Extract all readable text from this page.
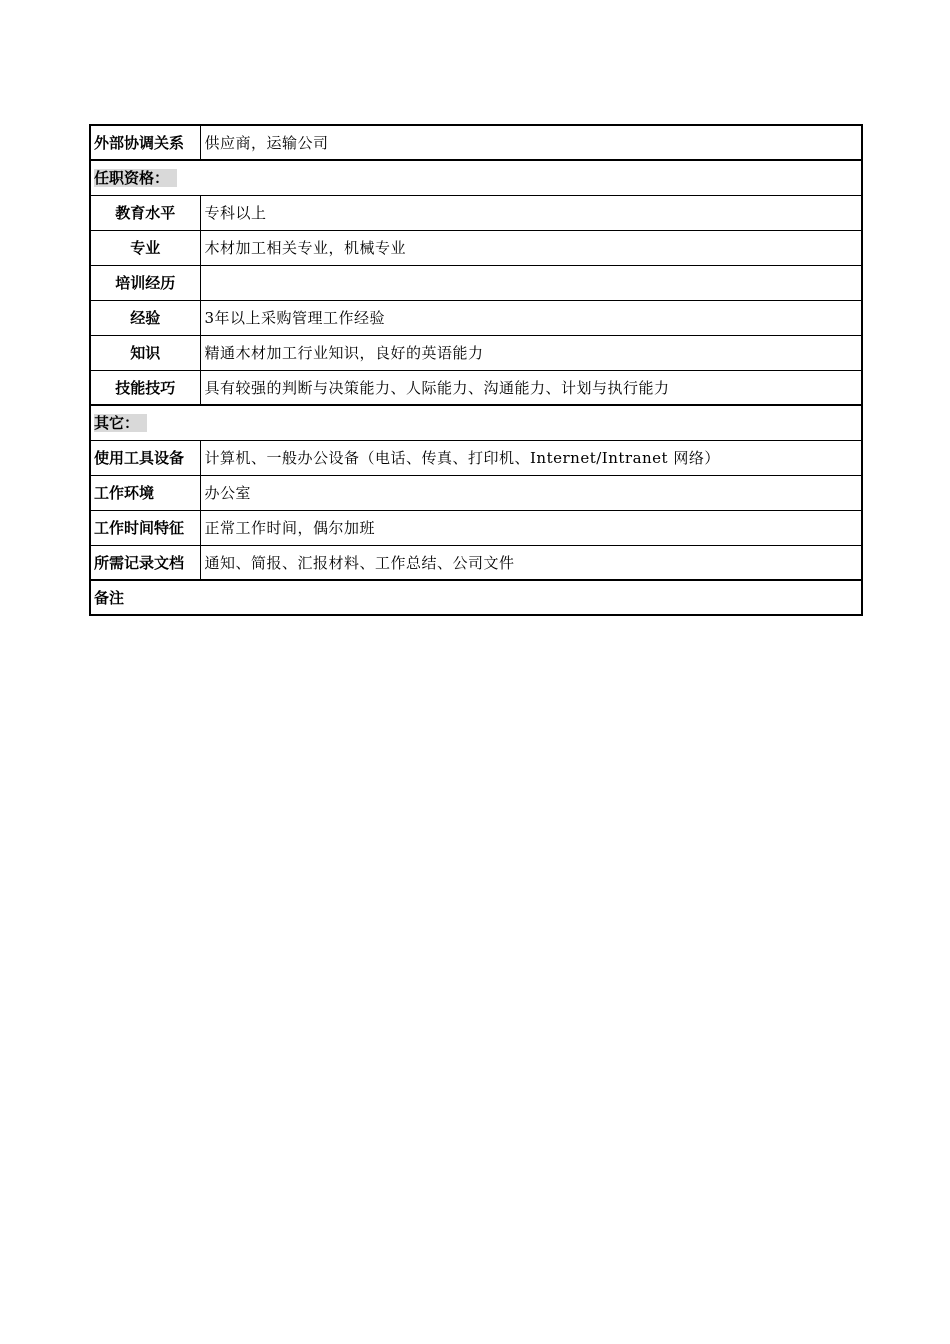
外部协调关系	供应商，运输公司
任职资格：	
教育水平	专科以上
专业	木材加工相关专业，机械专业
培训经历	
经验	3年以上采购管理工作经验
知识	精通木材加工行业知识，良好的英语能力
技能技巧	具有较强的判断与决策能力、人际能力、沟通能力、计划与执行能力
其它：	
使用工具设备	计算机、一般办公设备（电话、传真、打印机、Internet/Intranet 网络）
工作环境	办公室
工作时间特征	正常工作时间，偶尔加班
所需记录文档	通知、简报、汇报材料、工作总结、公司文件
备注	
